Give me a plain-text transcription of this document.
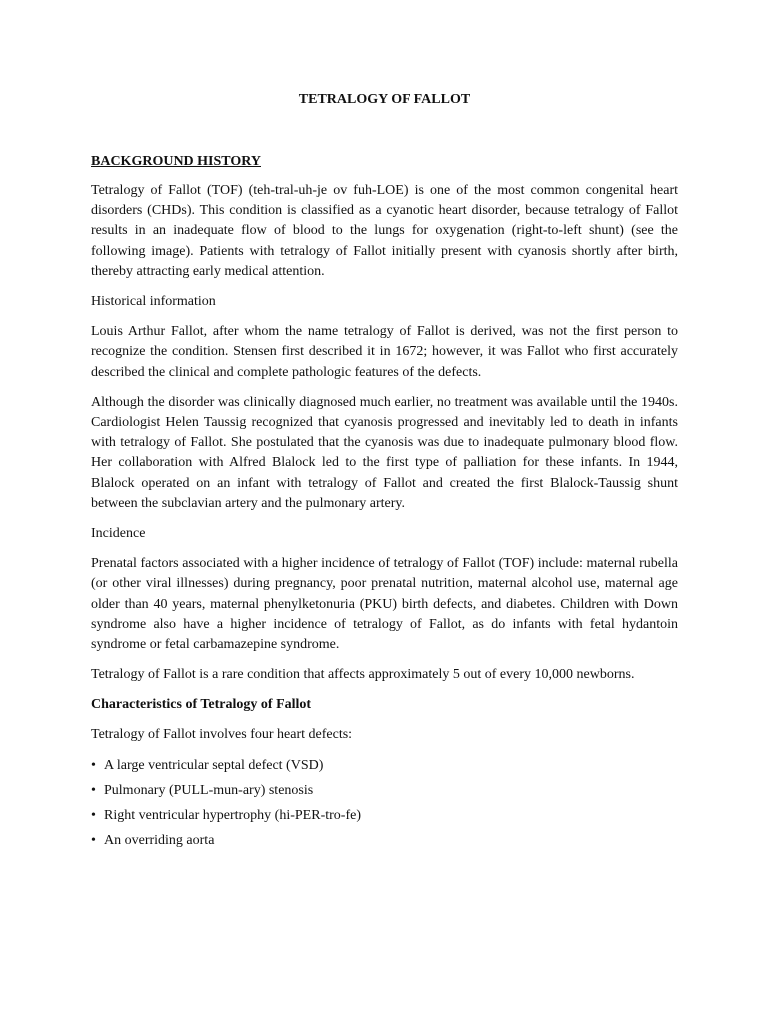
TETRALOGY OF FALLOT
BACKGROUND HISTORY

Tetralogy of Fallot (TOF) (teh-tral-uh-je ov fuh-LOE) is one of the most common congenital heart disorders (CHDs). This condition is classified as a cyanotic heart disorder, because tetralogy of Fallot results in an inadequate flow of blood to the lungs for oxygenation (right-to-left shunt) (see the following image). Patients with tetralogy of Fallot initially present with cyanosis shortly after birth, thereby attracting early medical attention.

Historical information

Louis Arthur Fallot, after whom the name tetralogy of Fallot is derived, was not the first person to recognize the condition. Stensen first described it in 1672; however, it was Fallot who first accurately described the clinical and complete pathologic features of the defects.

Although the disorder was clinically diagnosed much earlier, no treatment was available until the 1940s. Cardiologist Helen Taussig recognized that cyanosis progressed and inevitably led to death in infants with tetralogy of Fallot. She postulated that the cyanosis was due to inadequate pulmonary blood flow. Her collaboration with Alfred Blalock led to the first type of palliation for these infants. In 1944, Blalock operated on an infant with tetralogy of Fallot and created the first Blalock-Taussig shunt between the subclavian artery and the pulmonary artery.

Incidence

Prenatal factors associated with a higher incidence of tetralogy of Fallot (TOF) include: maternal rubella (or other viral illnesses) during pregnancy, poor prenatal nutrition, maternal alcohol use, maternal age older than 40 years, maternal phenylketonuria (PKU) birth defects, and diabetes. Children with Down syndrome also have a higher incidence of tetralogy of Fallot, as do infants with fetal hydantoin syndrome or fetal carbamazepine syndrome.

Tetralogy of Fallot is a rare condition that affects approximately 5 out of every 10,000 newborns.

Characteristics of Tetralogy of Fallot

Tetralogy of Fallot involves four heart defects:

• A large ventricular septal defect (VSD)
• Pulmonary (PULL-mun-ary) stenosis
• Right ventricular hypertrophy (hi-PER-tro-fe)
• An overriding aorta
